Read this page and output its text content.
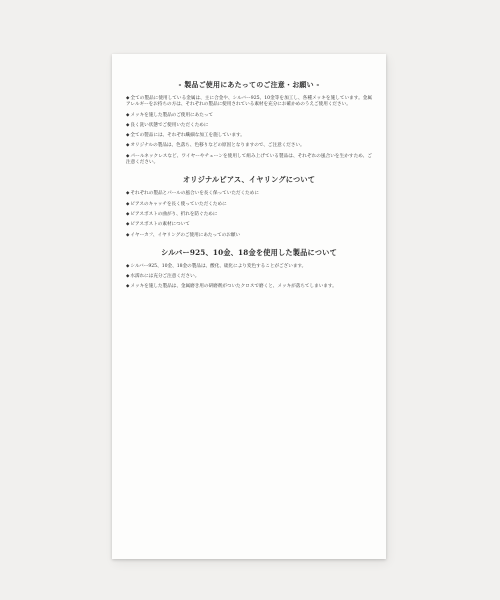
- 製品ご使用にあたってのご注意・お願い -

◆ 全ての製品に使用している金属は、主に合金や、シルバー925、10金等を加工し、各種メッキを施しています。金属アレルギーをお持ちの方は、それぞれの製品に使用されている素材を充分にお確かめのうえご使用ください。

◆ メッキを施した製品のご使用にあたって

◆ 良く洗い状態でご使用いただくために

◆ 全ての製品には、それぞれ繊細な加工を施しています。

◆ オリジナルの製品は、色落ち、色移りなどの原因となりますので、ご注意ください。

◆ パールネックレスなど、ワイヤーやチェーンを使用して組み上げている製品は、それぞれの風合いを生かすため、ご注意ください。

オリジナルピアス、イヤリングについて

◆ それぞれの製品とパールの風合いを長く保っていただくために

◆ ピアスのキャッチを長く使っていただくために

◆ ピアスポストの曲がり、折れを防ぐために

◆ ピアスポストの素材について

◆ イヤーカフ、イヤリングのご使用にあたってのお願い

シルバー925、10金、18金を使用した製品について

◆ シルバー925、10金、18金の製品は、酸化、硫化により変色することがございます。

◆ 水濡れには充分ご注意ください。

◆ メッキを施した製品は、金属磨き用の研磨剤がついたクロスで磨くと、メッキが落ちてしまいます。
